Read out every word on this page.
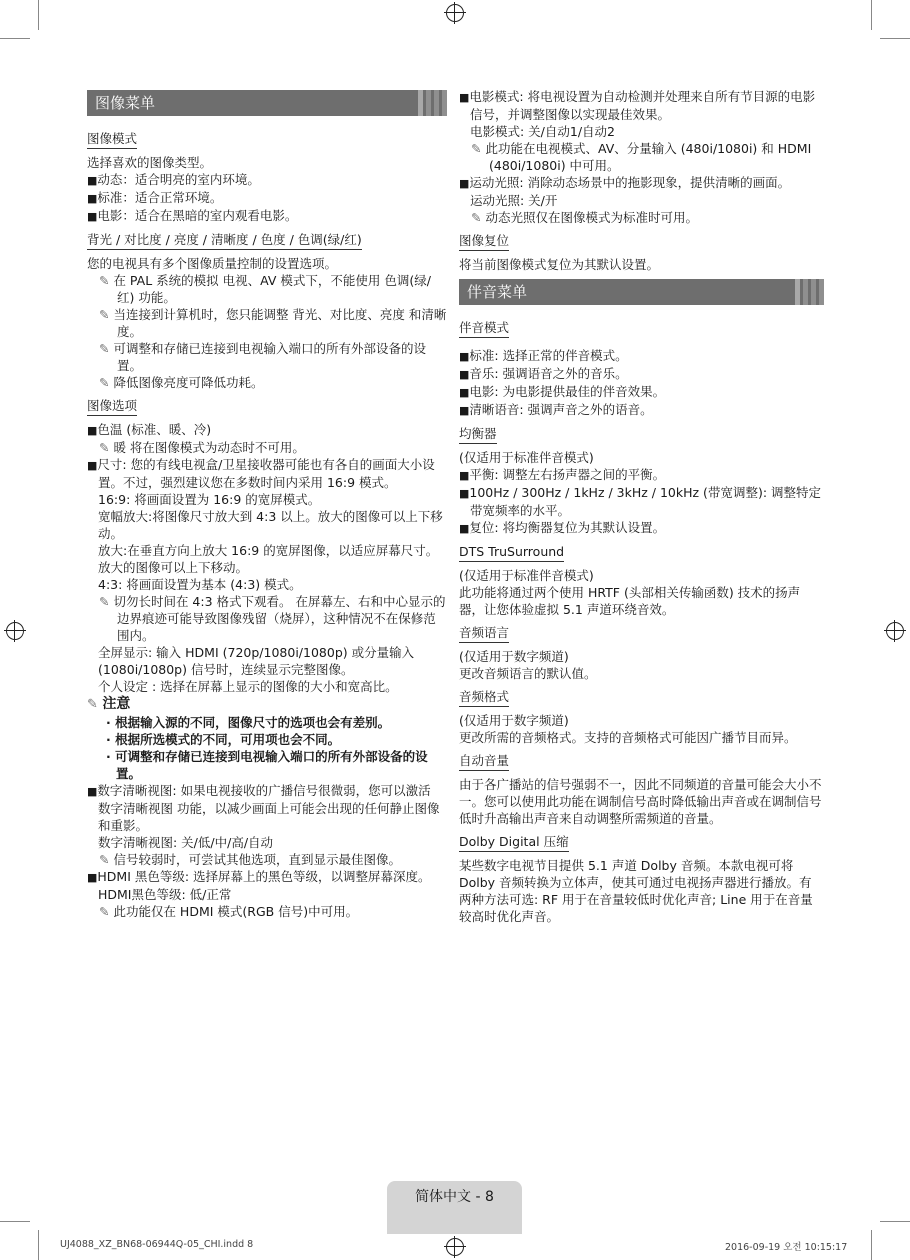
图像菜单
图像模式
选择喜欢的图像类型。
■ 动态：适合明亮的室内环境。
■ 标准：适合正常环境。
■ 电影：适合在黑暗的室内观看电影。
背光 / 对比度 / 亮度 / 清晰度 / 色度 / 色调(绿/红)
您的电视具有多个图像质量控制的设置选项。
✎ 在 PAL 系统的模拟 电视、AV 模式下，不能使用 色调(绿/红) 功能。
✎ 当连接到计算机时，您只能调整 背光、对比度、亮度 和清晰度。
✎ 可调整和存储已连接到电视输入端口的所有外部设备的设置。
✎ 降低图像亮度可降低功耗。
图像选项
■ 色温 (标准、暖、冷)
✎ 暖 将在图像模式为动态时不可用。
■ 尺寸: 您的有线电视盒/卫星接收器可能也有各自的画面大小设置。不过，强烈建议您在多数时间内采用 16:9 模式。
16:9: 将画面设置为 16:9 的宽屏模式。
宽幅放大:将图像尺寸放大到 4:3 以上。放大的图像可以上下移动。
放大:在垂直方向上放大 16:9 的宽屏图像，以适应屏幕尺寸。放大的图像可以上下移动。
4:3: 将画面设置为基本 (4:3) 模式。
✎ 切勿长时间在 4:3 格式下观看。 在屏幕左、右和中心显示的边界痕迹可能导致图像残留（烧屏），这种情况不在保修范围内。
全屏显示: 输入 HDMI (720p/1080i/1080p) 或分量输入 (1080i/1080p) 信号时，连续显示完整图像。
个人设定 : 选择在屏幕上显示的图像的大小和宽高比。
✎ 注意
· 根据输入源的不同，图像尺寸的选项也会有差别。
· 根据所选模式的不同，可用项也会不同。
· 可调整和存储已连接到电视输入端口的所有外部设备的设置。
■ 数字清晰视图: 如果电视接收的广播信号很微弱，您可以激活 数字清晰视图 功能，以减少画面上可能会出现的任何静止图像和重影。
数字清晰视图: 关/低/中/高/自动
✎ 信号较弱时，可尝试其他选项，直到显示最佳图像。
■ HDMI 黑色等级: 选择屏幕上的黑色等级，以调整屏幕深度。
HDMI黑色等级: 低/正常
✎ 此功能仅在 HDMI 模式(RGB 信号)中可用。
■ 电影模式: 将电视设置为自动检测并处理来自所有节目源的电影信号，并调整图像以实现最佳效果。
电影模式: 关/自动1/自动2
✎ 此功能在电视模式、AV、分量输入 (480i/1080i) 和 HDMI (480i/1080i) 中可用。
■ 运动光照: 消除动态场景中的拖影现象，提供清晰的画面。
运动光照: 关/开
✎ 动态光照仅在图像模式为标准时可用。
图像复位
将当前图像模式复位为其默认设置。
伴音菜单
伴音模式
■ 标准: 选择正常的伴音模式。
■ 音乐: 强调语音之外的音乐。
■ 电影: 为电影提供最佳的伴音效果。
■ 清晰语音: 强调声音之外的语音。
均衡器
(仅适用于标准伴音模式)
■ 平衡: 调整左右扬声器之间的平衡。
■ 100Hz / 300Hz / 1kHz / 3kHz / 10kHz (带宽调整): 调整特定带宽频率的水平。
■ 复位: 将均衡器复位为其默认设置。
DTS TruSurround
(仅适用于标准伴音模式)
此功能将通过两个使用 HRTF (头部相关传输函数) 技术的扬声器，让您体验虚拟 5.1 声道环绕音效。
音频语言
(仅适用于数字频道)
更改音频语言的默认值。
音频格式
(仅适用于数字频道)
更改所需的音频格式。支持的音频格式可能因广播节目而异。
自动音量
由于各广播站的信号强弱不一，因此不同频道的音量可能会大小不一。您可以使用此功能在调制信号高时降低输出声音或在调制信号低时升高输出声音来自动调整所需频道的音量。
Dolby Digital 压缩
某些数字电视节目提供 5.1 声道 Dolby 音频。本款电视可将 Dolby 音频转换为立体声，使其可通过电视扬声器进行播放。有两种方法可选: RF 用于在音量较低时优化声音; Line 用于在音量较高时优化声音。
简体中文 - 8
UJ4088_XZ_BN68-06944Q-05_CHI.indd 8	2016-09-19 오전 10:15:17
